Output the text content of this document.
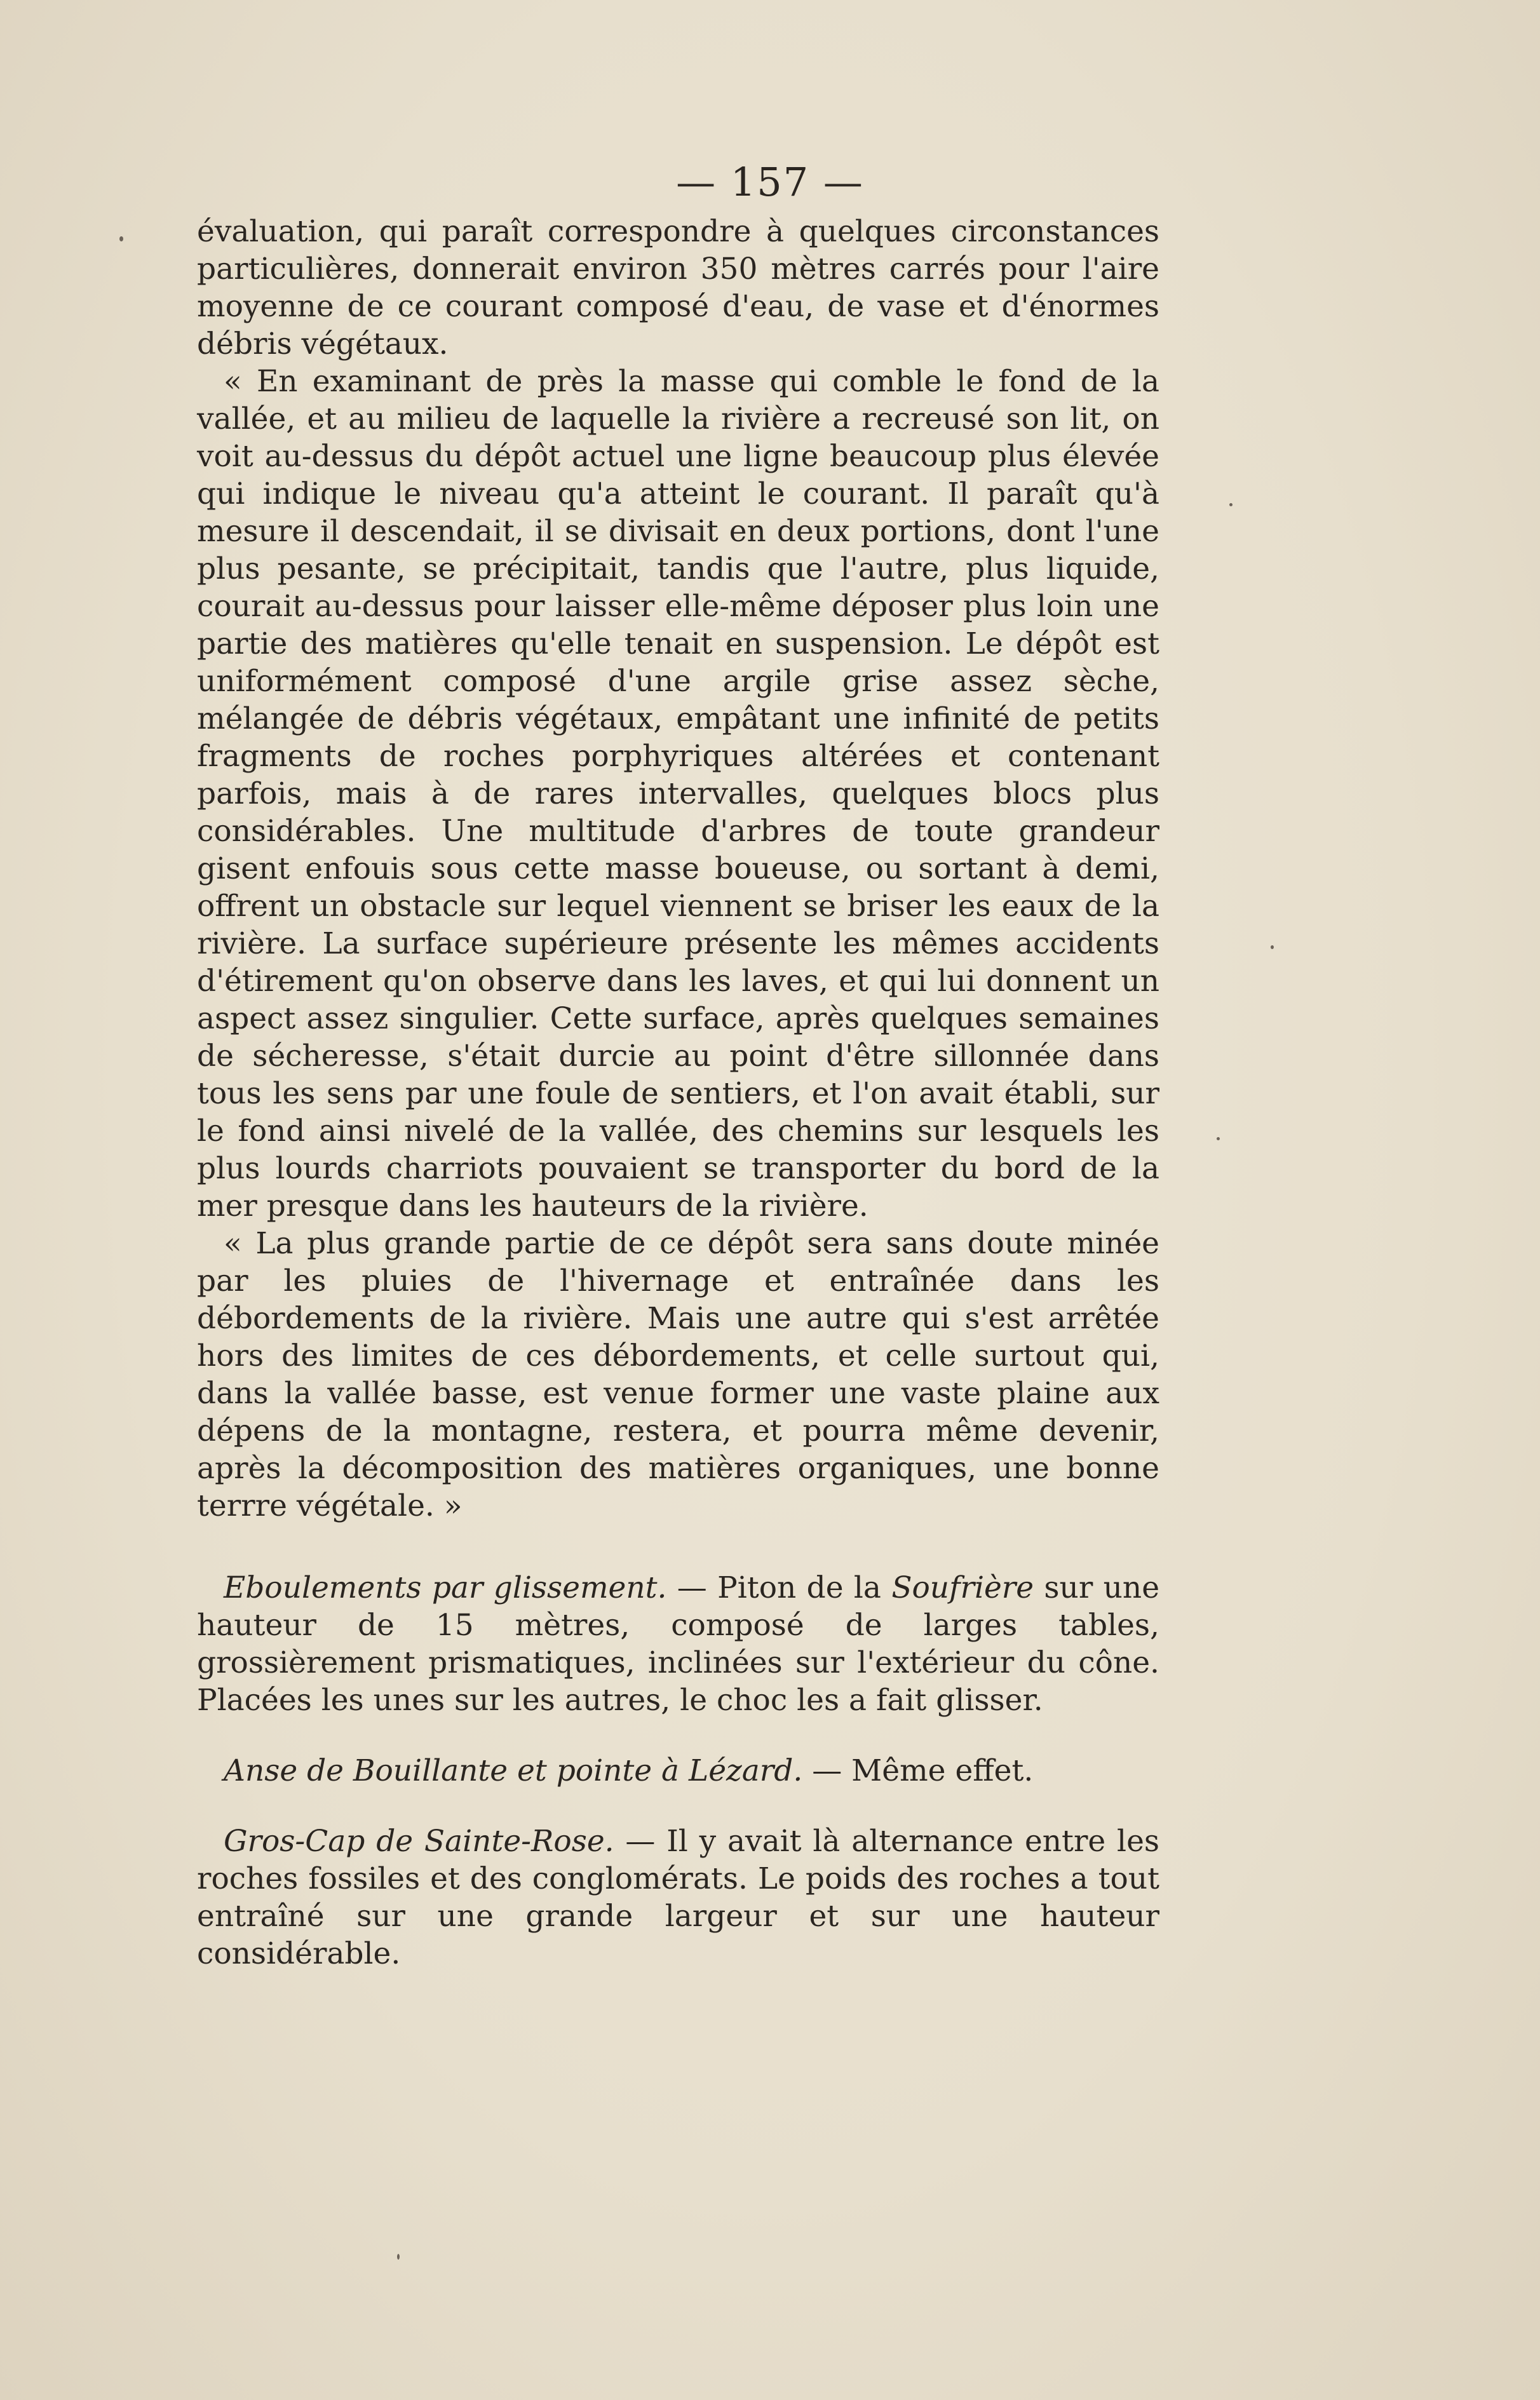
— 157 —

évaluation, qui paraît correspondre à quelques circonstances particulières, donnerait environ 350 mètres carrés pour l'aire moyenne de ce courant composé d'eau, de vase et d'énormes débris végétaux.

« En examinant de près la masse qui comble le fond de la vallée, et au milieu de laquelle la rivière a recreusé son lit, on voit au-dessus du dépôt actuel une ligne beaucoup plus élevée qui indique le niveau qu'a atteint le courant. Il paraît qu'à mesure il descendait, il se divisait en deux portions, dont l'une plus pesante, se précipitait, tandis que l'autre, plus liquide, courait au-dessus pour laisser elle-même déposer plus loin une partie des matières qu'elle tenait en suspension. Le dépôt est uniformément composé d'une argile grise assez sèche, mélangée de débris végétaux, empâtant une infinité de petits fragments de roches porphyriques altérées et contenant parfois, mais à de rares intervalles, quelques blocs plus considérables. Une multitude d'arbres de toute grandeur gisent enfouis sous cette masse boueuse, ou sortant à demi, offrent un obstacle sur lequel viennent se briser les eaux de la rivière. La surface supérieure présente les mêmes accidents d'étirement qu'on observe dans les laves, et qui lui donnent un aspect assez singulier. Cette surface, après quelques semaines de sécheresse, s'était durcie au point d'être sillonnée dans tous les sens par une foule de sentiers, et l'on avait établi, sur le fond ainsi nivelé de la vallée, des chemins sur lesquels les plus lourds charriots pouvaient se transporter du bord de la mer presque dans les hauteurs de la rivière.

« La plus grande partie de ce dépôt sera sans doute minée par les pluies de l'hivernage et entraînée dans les débordements de la rivière. Mais une autre qui s'est arrêtée hors des limites de ces débordements, et celle surtout qui, dans la vallée basse, est venue former une vaste plaine aux dépens de la montagne, restera, et pourra même devenir, après la décomposition des matières organiques, une bonne terrre végétale. »

Eboulements par glissement. — Piton de la Soufrière sur une hauteur de 15 mètres, composé de larges tables, grossièrement prismatiques, inclinées sur l'extérieur du cône. Placées les unes sur les autres, le choc les a fait glisser.

Anse de Bouillante et pointe à Lézard. — Même effet.

Gros-Cap de Sainte-Rose. — Il y avait là alternance entre les roches fossiles et des conglomérats. Le poids des roches a tout entraîné sur une grande largeur et sur une hauteur considérable.
